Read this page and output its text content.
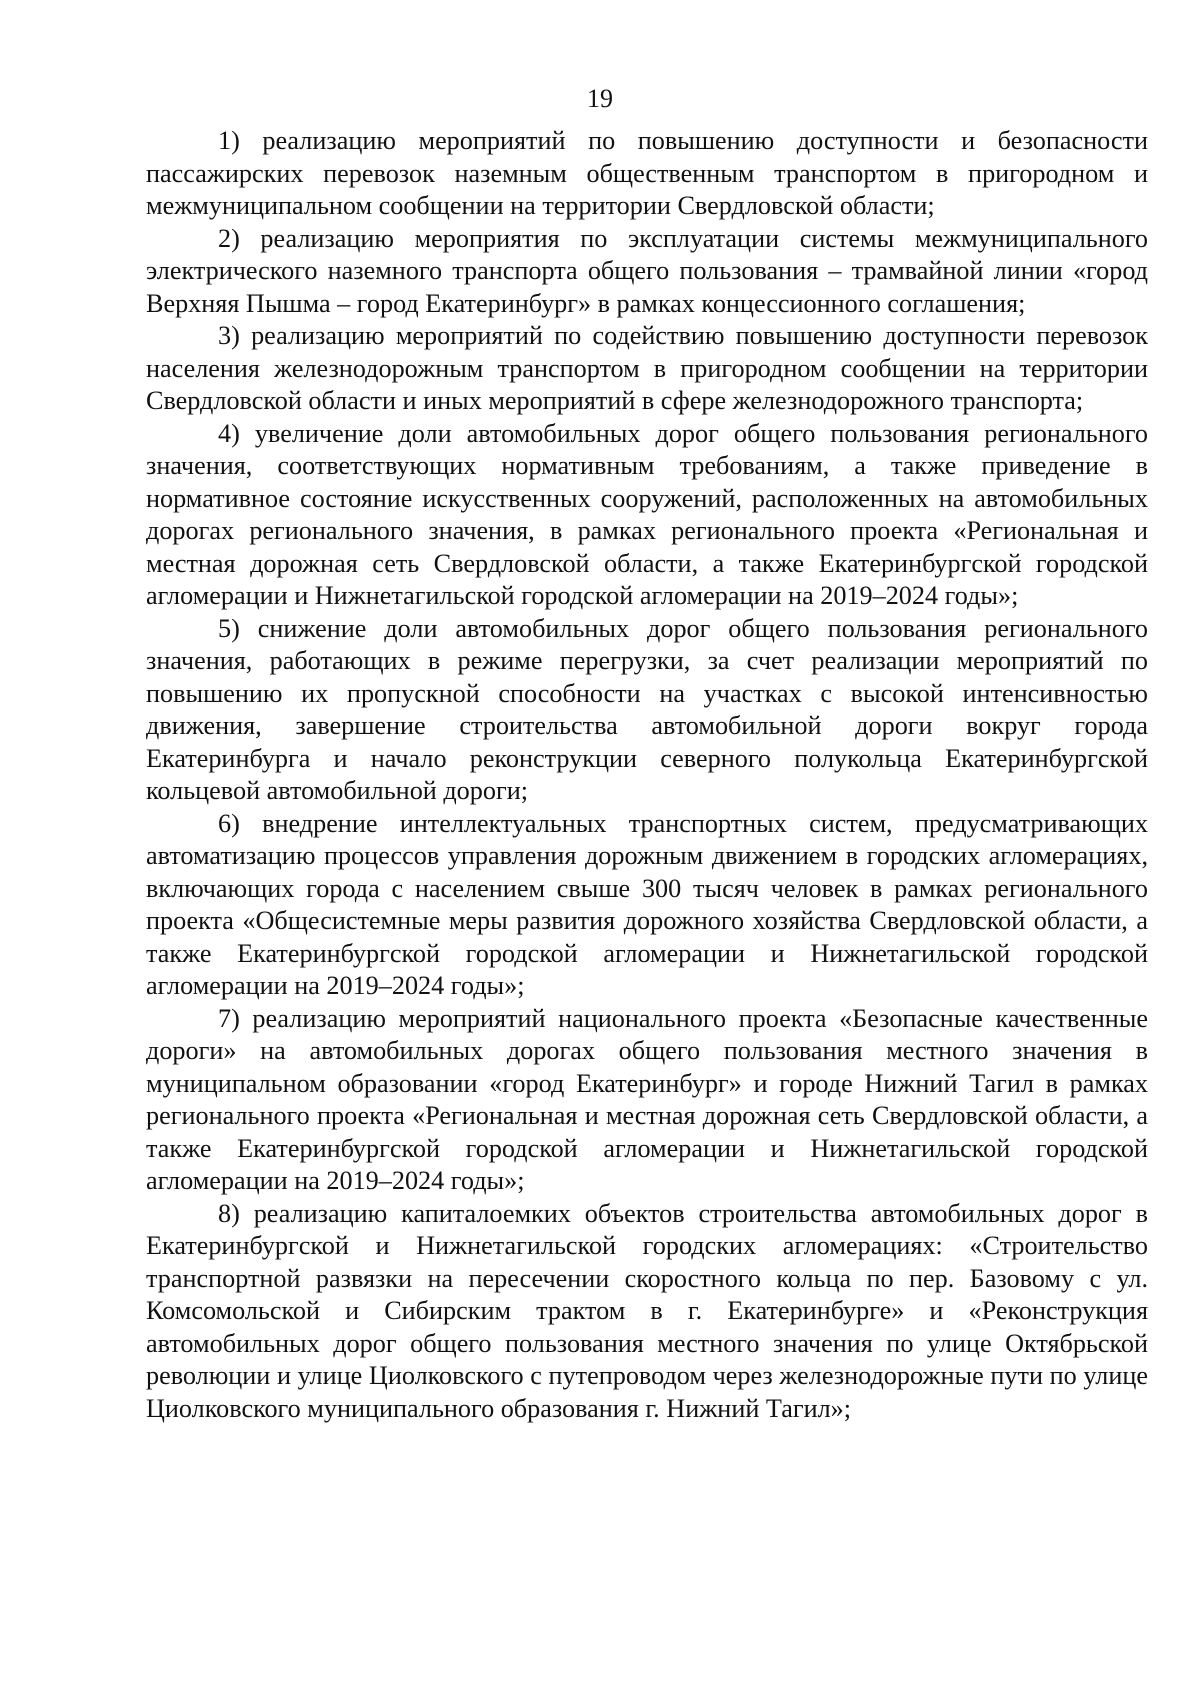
19

1) реализацию мероприятий по повышению доступности и безопасности пассажирских перевозок наземным общественным транспортом в пригородном и межмуниципальном сообщении на территории Свердловской области;

2) реализацию мероприятия по эксплуатации системы межмуниципального электрического наземного транспорта общего пользования – трамвайной линии «город Верхняя Пышма – город Екатеринбург» в рамках концессионного соглашения;

3) реализацию мероприятий по содействию повышению доступности перевозок населения железнодорожным транспортом в пригородном сообщении на территории Свердловской области и иных мероприятий в сфере железнодорожного транспорта;

4) увеличение доли автомобильных дорог общего пользования регионального значения, соответствующих нормативным требованиям, а также приведение в нормативное состояние искусственных сооружений, расположенных на автомобильных дорогах регионального значения, в рамках регионального проекта «Региональная и местная дорожная сеть Свердловской области, а также Екатеринбургской городской агломерации и Нижнетагильской городской агломерации на 2019–2024 годы»;

5) снижение доли автомобильных дорог общего пользования регионального значения, работающих в режиме перегрузки, за счет реализации мероприятий по повышению их пропускной способности на участках с высокой интенсивностью движения, завершение строительства автомобильной дороги вокруг города Екатеринбурга и начало реконструкции северного полукольца Екатеринбургской кольцевой автомобильной дороги;

6) внедрение интеллектуальных транспортных систем, предусматривающих автоматизацию процессов управления дорожным движением в городских агломерациях, включающих города с населением свыше 300 тысяч человек в рамках регионального проекта «Общесистемные меры развития дорожного хозяйства Свердловской области, а также Екатеринбургской городской агломерации и Нижнетагильской городской агломерации на 2019–2024 годы»;

7) реализацию мероприятий национального проекта «Безопасные качественные дороги» на автомобильных дорогах общего пользования местного значения в муниципальном образовании «город Екатеринбург» и городе Нижний Тагил в рамках регионального проекта «Региональная и местная дорожная сеть Свердловской области, а также Екатеринбургской городской агломерации и Нижнетагильской городской агломерации на 2019–2024 годы»;

8) реализацию капиталоемких объектов строительства автомобильных дорог в Екатеринбургской и Нижнетагильской городских агломерациях: «Строительство транспортной развязки на пересечении скоростного кольца по пер. Базовому с ул. Комсомольской и Сибирским трактом в г. Екатеринбурге» и «Реконструкция автомобильных дорог общего пользования местного значения по улице Октябрьской революции и улице Циолковского с путепроводом через железнодорожные пути по улице Циолковского муниципального образования г. Нижний Тагил»;
